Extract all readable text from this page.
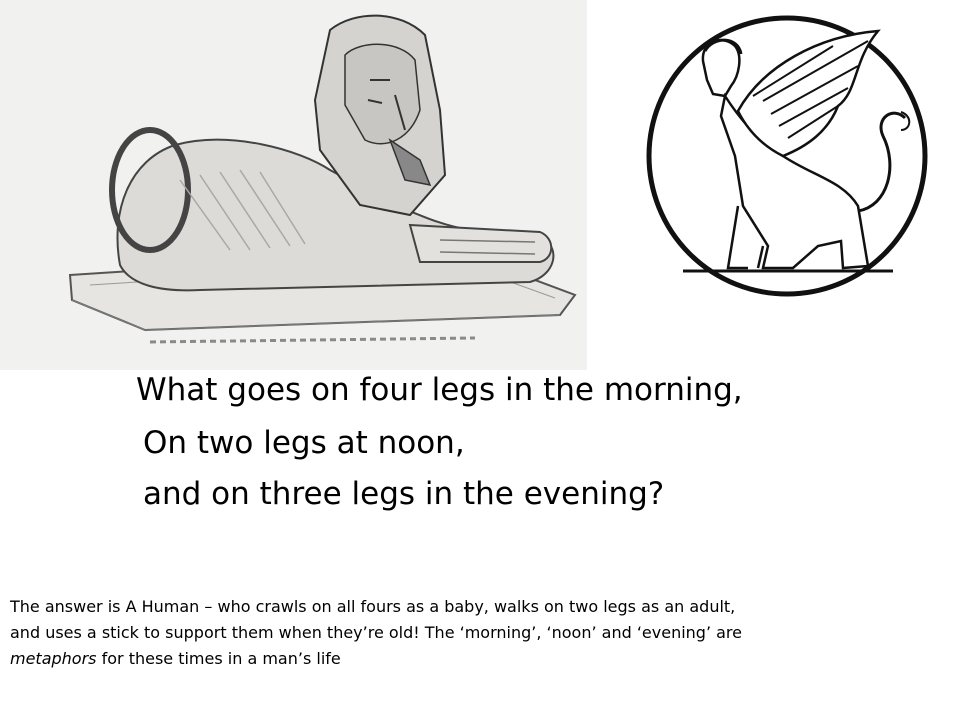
What goes on four legs in the morning,
On two legs at noon,
and on three legs in the evening?
The answer is A Human – who crawls on all fours as a baby, walks on two legs as an adult,
and uses a stick to support them when they’re old! The ‘morning’, ‘noon’ and ‘evening’ are
metaphors for these times in a man’s life
